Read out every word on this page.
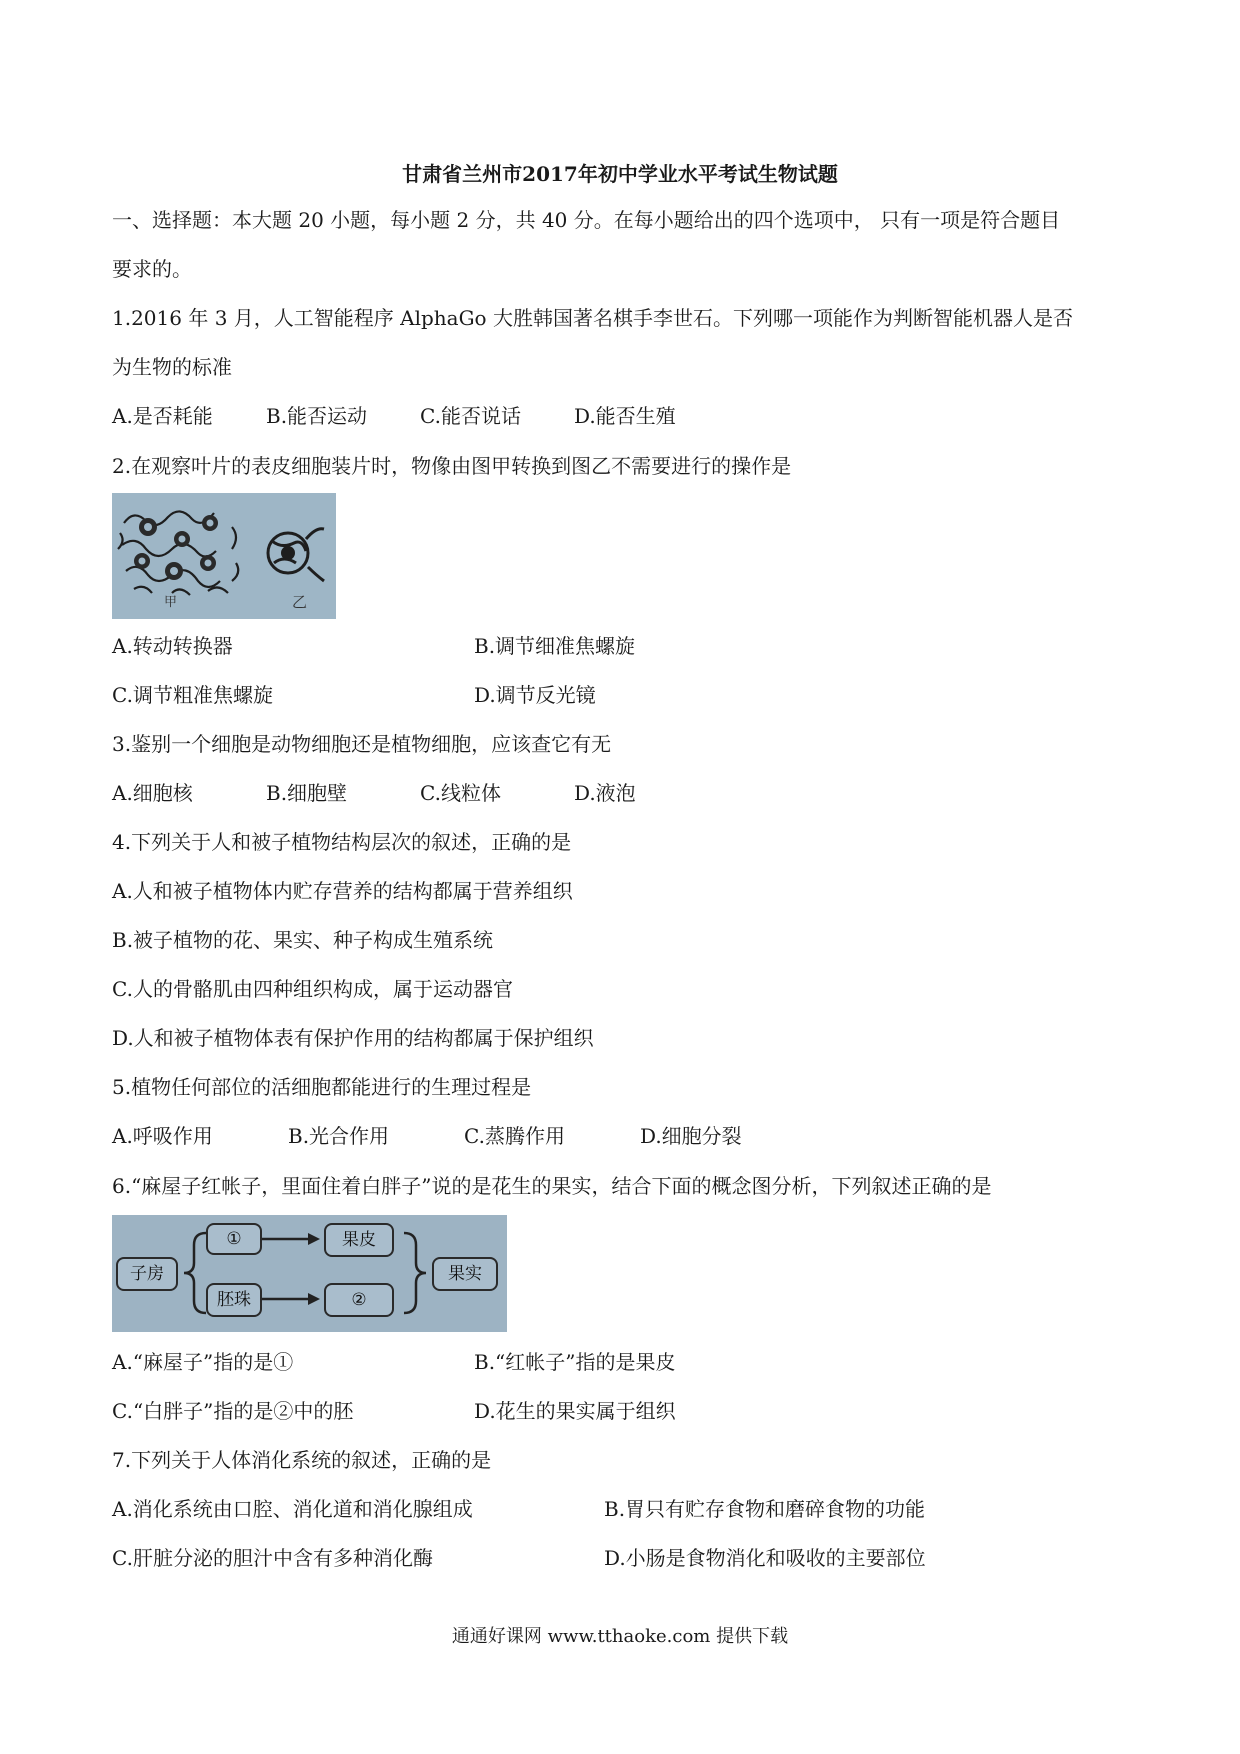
甘肃省兰州市2017年初中学业水平考试生物试题
一、选择题：本大题 20 小题，每小题 2 分，共 40 分。在每小题给出的四个选项中， 只有一项是符合题目
要求的。
1.2016 年 3 月，人工智能程序 AlphaGo 大胜韩国著名棋手李世石。下列哪一项能作为判断智能机器人是否
为生物的标准
A.是否耗能	B.能否运动	C.能否说话	D.能否生殖
2.在观察叶片的表皮细胞装片时，物像由图甲转换到图乙不需要进行的操作是
甲	乙
A.转动转换器	B.调节细准焦螺旋
C.调节粗准焦螺旋	D.调节反光镜
3.鉴别一个细胞是动物细胞还是植物细胞，应该查它有无
A.细胞核	B.细胞壁	C.线粒体	D.液泡
4.下列关于人和被子植物结构层次的叙述，正确的是
A.人和被子植物体内贮存营养的结构都属于营养组织
B.被子植物的花、果实、种子构成生殖系统
C.人的骨骼肌由四种组织构成，属于运动器官
D.人和被子植物体表有保护作用的结构都属于保护组织
5.植物任何部位的活细胞都能进行的生理过程是
A.呼吸作用	B.光合作用	C.蒸腾作用	D.细胞分裂
6.“麻屋子红帐子，里面住着白胖子”说的是花生的果实，结合下面的概念图分析，下列叙述正确的是
子房
①	果皮
胚珠	②
果实
A.“麻屋子”指的是①	B.“红帐子”指的是果皮
C.“白胖子”指的是②中的胚	D.花生的果实属于组织
7.下列关于人体消化系统的叙述，正确的是
A.消化系统由口腔、消化道和消化腺组成	B.胃只有贮存食物和磨碎食物的功能
C.肝脏分泌的胆汁中含有多种消化酶	D.小肠是食物消化和吸收的主要部位
通通好课网 www.tthaoke.com 提供下载
